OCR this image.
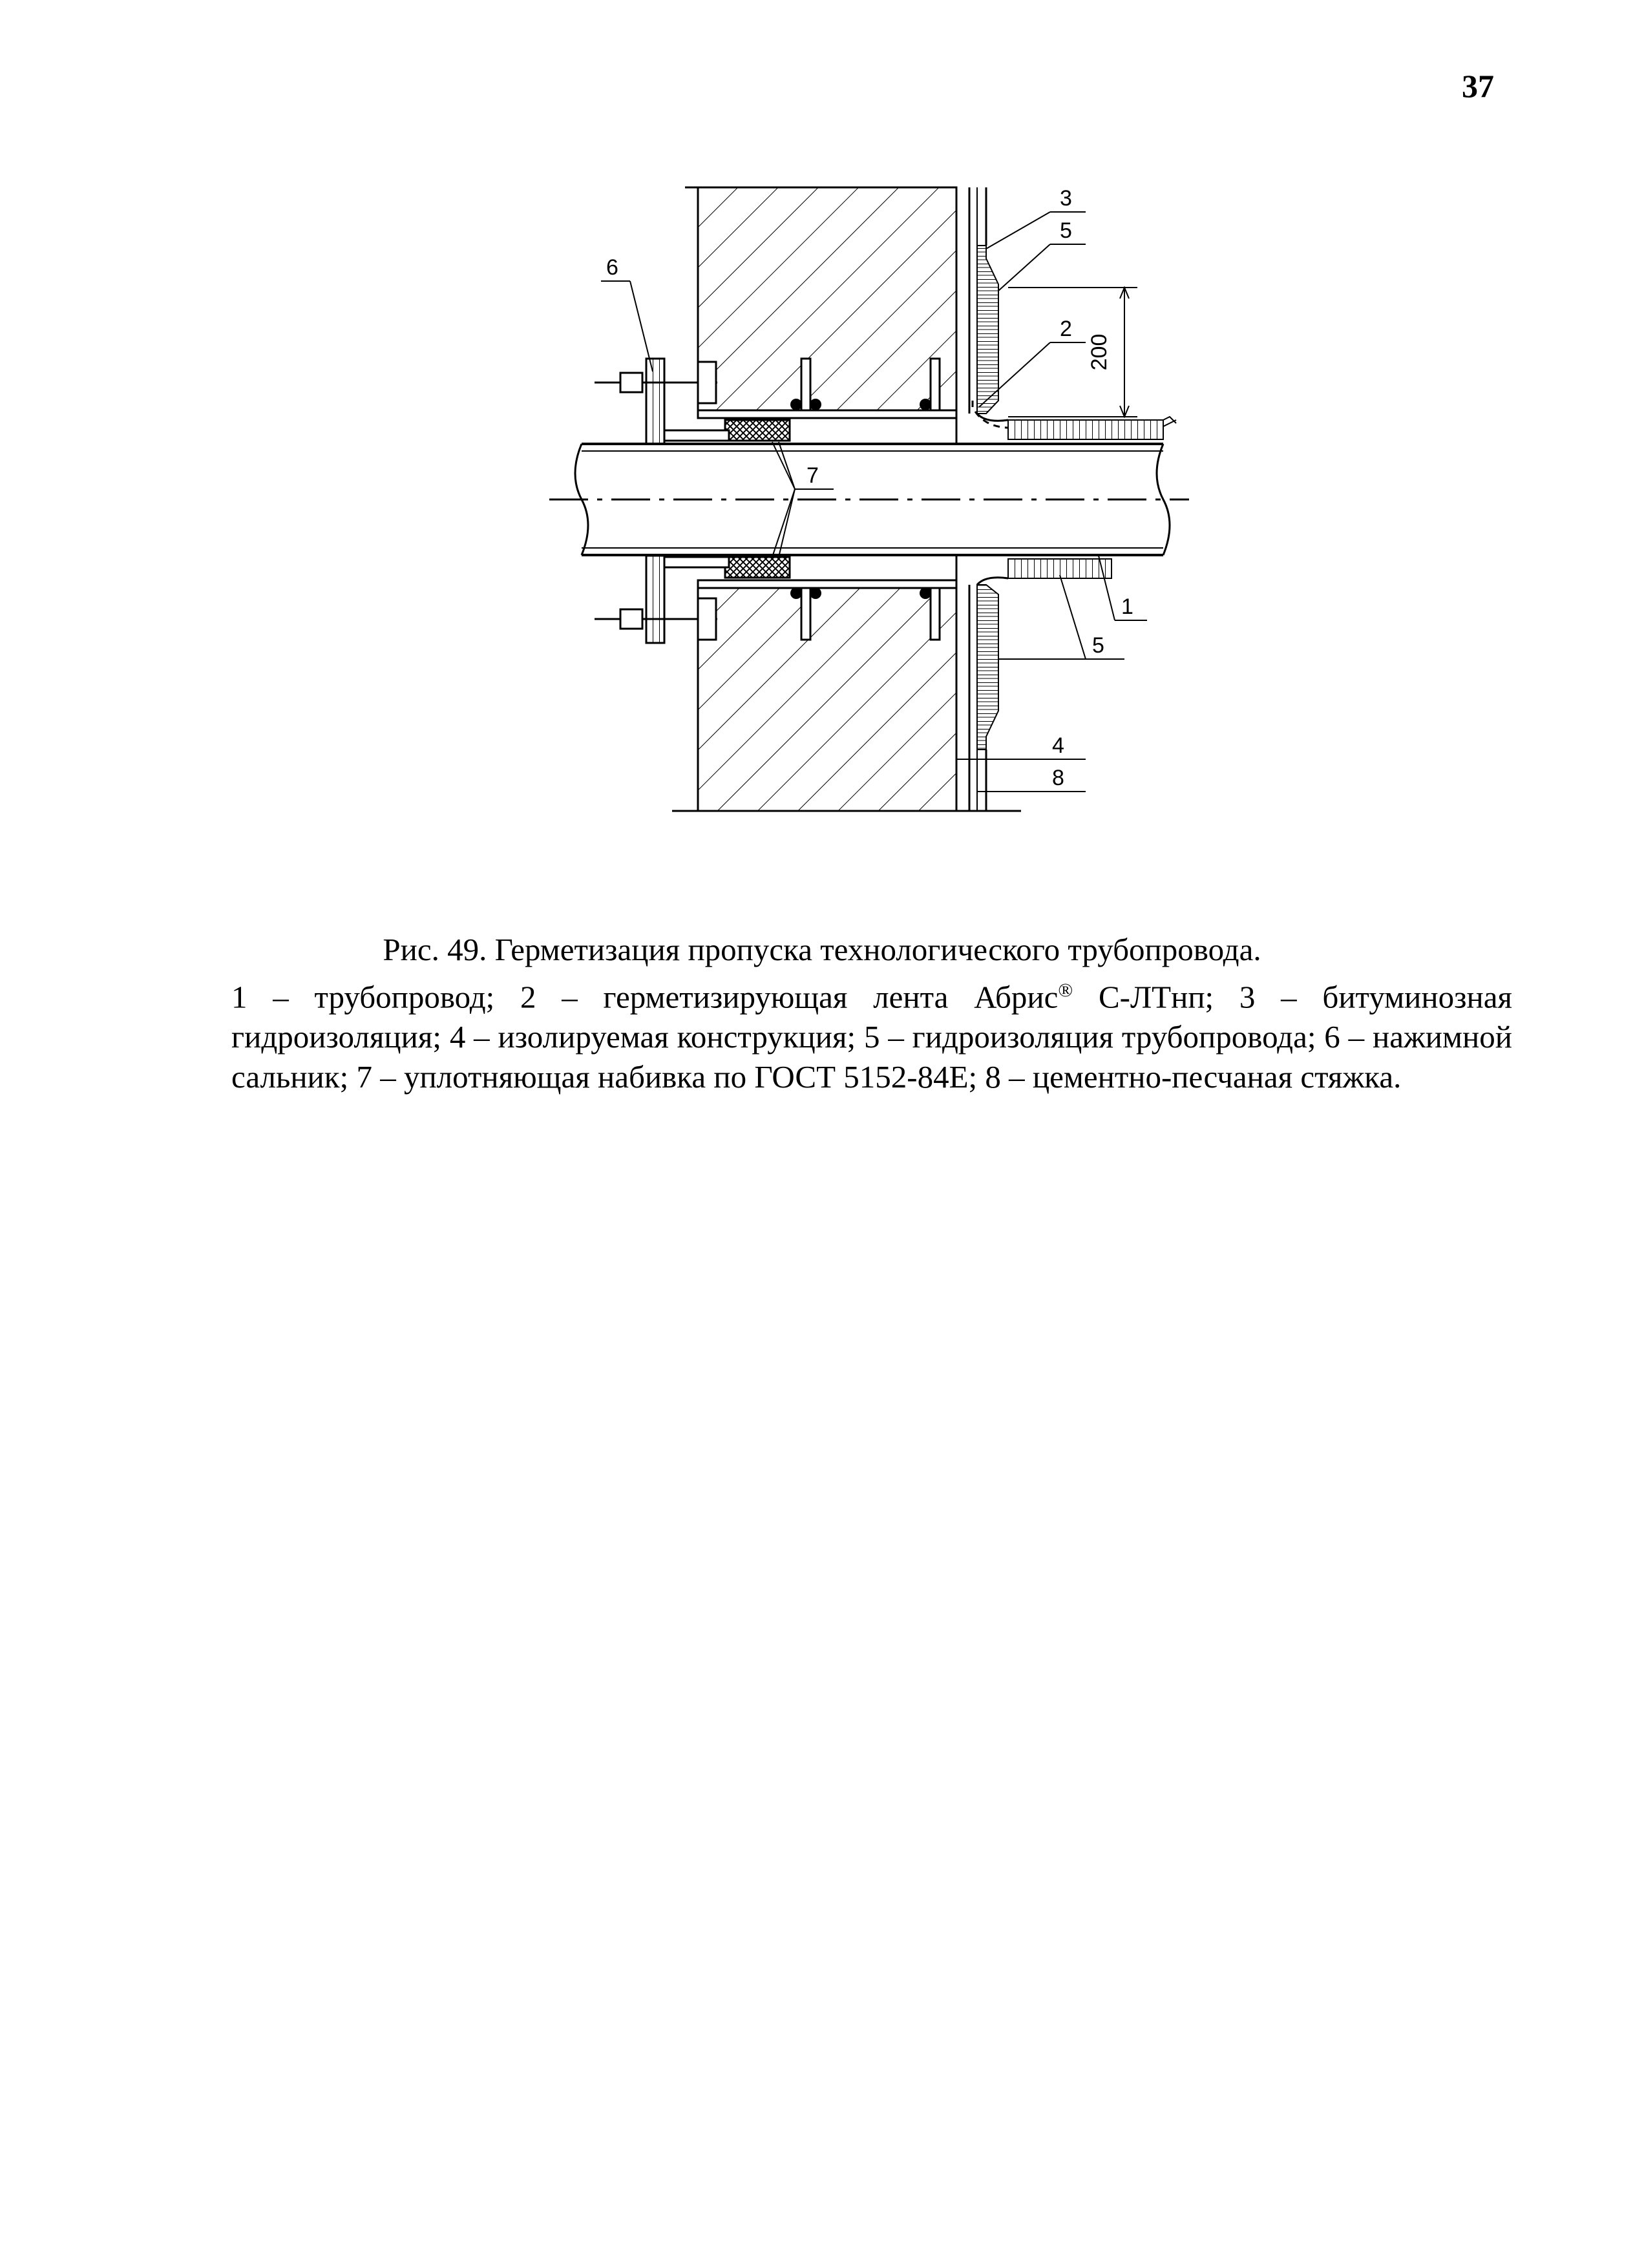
37
200
6
3
5
2
7
1
5
4
8
Рис. 49. Герметизация пропуска технологического трубопровода.
1 – трубопровод; 2 – герметизирующая лента Абрис® С-ЛТнп; 3 – битуминозная гидроизоляция; 4 – изолируемая конструкция; 5 – гидроизоляция трубопровода; 6 – нажимной сальник; 7 – уплотняющая набивка по ГОСТ 5152-84Е; 8 – цементно-песчаная стяжка.
